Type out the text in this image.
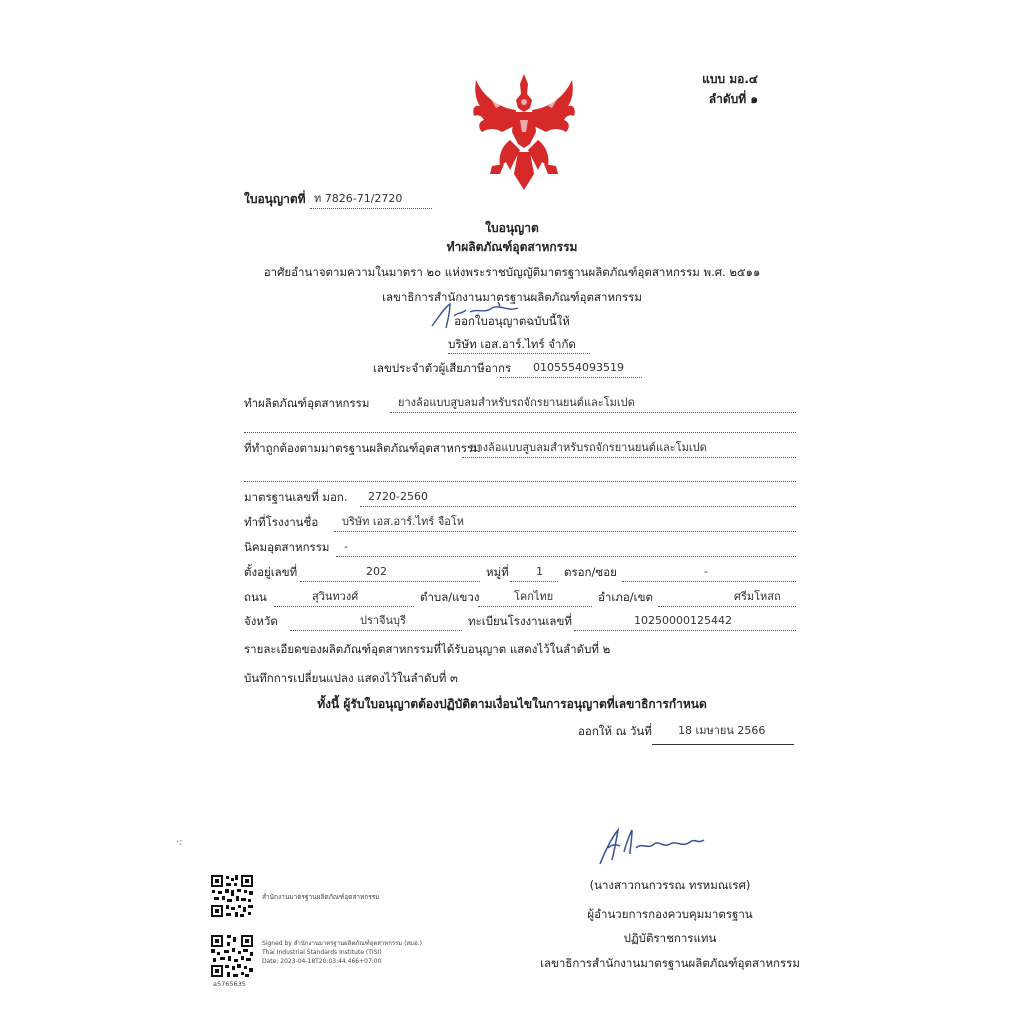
แบบ มอ.๔
ลำดับที่ ๑
ใบอนุญาตที่ ท 7826-71/2720
ใบอนุญาต
ทำผลิตภัณฑ์อุตสาหกรรม
อาศัยอำนาจตามความในมาตรา ๒๐ แห่งพระราชบัญญัติมาตรฐานผลิตภัณฑ์อุตสาหกรรม พ.ศ. ๒๕๑๑
เลขาธิการสำนักงานมาตรฐานผลิตภัณฑ์อุตสาหกรรม
ออกใบอนุญาตฉบับนี้ให้
บริษัท เอส.อาร์.ไทร์ จำกัด
เลขประจำตัวผู้เสียภาษีอากร 0105554093519
ทำผลิตภัณฑ์อุตสาหกรรม	ยางล้อแบบสูบลมสำหรับรถจักรยานยนต์และโมเปด
ที่ทำถูกต้องตามมาตรฐานผลิตภัณฑ์อุตสาหกรรม
ยางล้อแบบสูบลมสำหรับรถจักรยานยนต์และโมเปด
มาตรฐานเลขที่ มอก. 2720-2560
ทำที่โรงงานชื่อ บริษัท เอส.อาร์.ไทร์ จือโห
นิคมอุตสาหกรรม -
ตั้งอยู่เลขที่	202	หมู่ที่ 1 ตรอก/ซอย	-
ถนน	สุวินทวงศ์	ตำบล/แขวง	โคกไทย	อำเภอ/เขต	ศรีมโหสถ
จังหวัด	ปราจีนบุรี	ทะเบียนโรงงานเลขที่	10250000125442
รายละเอียดของผลิตภัณฑ์อุตสาหกรรมที่ได้รับอนุญาต แสดงไว้ในลำดับที่ ๒
บันทึกการเปลี่ยนแปลง แสดงไว้ในลำดับที่ ๓
ทั้งนี้ ผู้รับใบอนุญาตต้องปฏิบัติตามเงื่อนไขในการอนุญาตที่เลขาธิการกำหนด
ออกให้ ณ วันที่ 18 เมษายน 2566
·:
(นางสาวกนกวรรณ ทรหมณเรศ)
ผู้อำนวยการกองควบคุมมาตรฐาน
ปฏิบัติราชการแทน
เลขาธิการสำนักงานมาตรฐานผลิตภัณฑ์อุตสาหกรรม
สำนักงานมาตรฐานผลิตภัณฑ์อุตสาหกรรม
a5765635
Signed by สำนักงานมาตรฐานผลิตภัณฑ์อุตสาหกรรม (สมอ.)
Thai Industrial Standards Institute (TISI)
Date: 2023-04-18T20:03:44.466+07:00
